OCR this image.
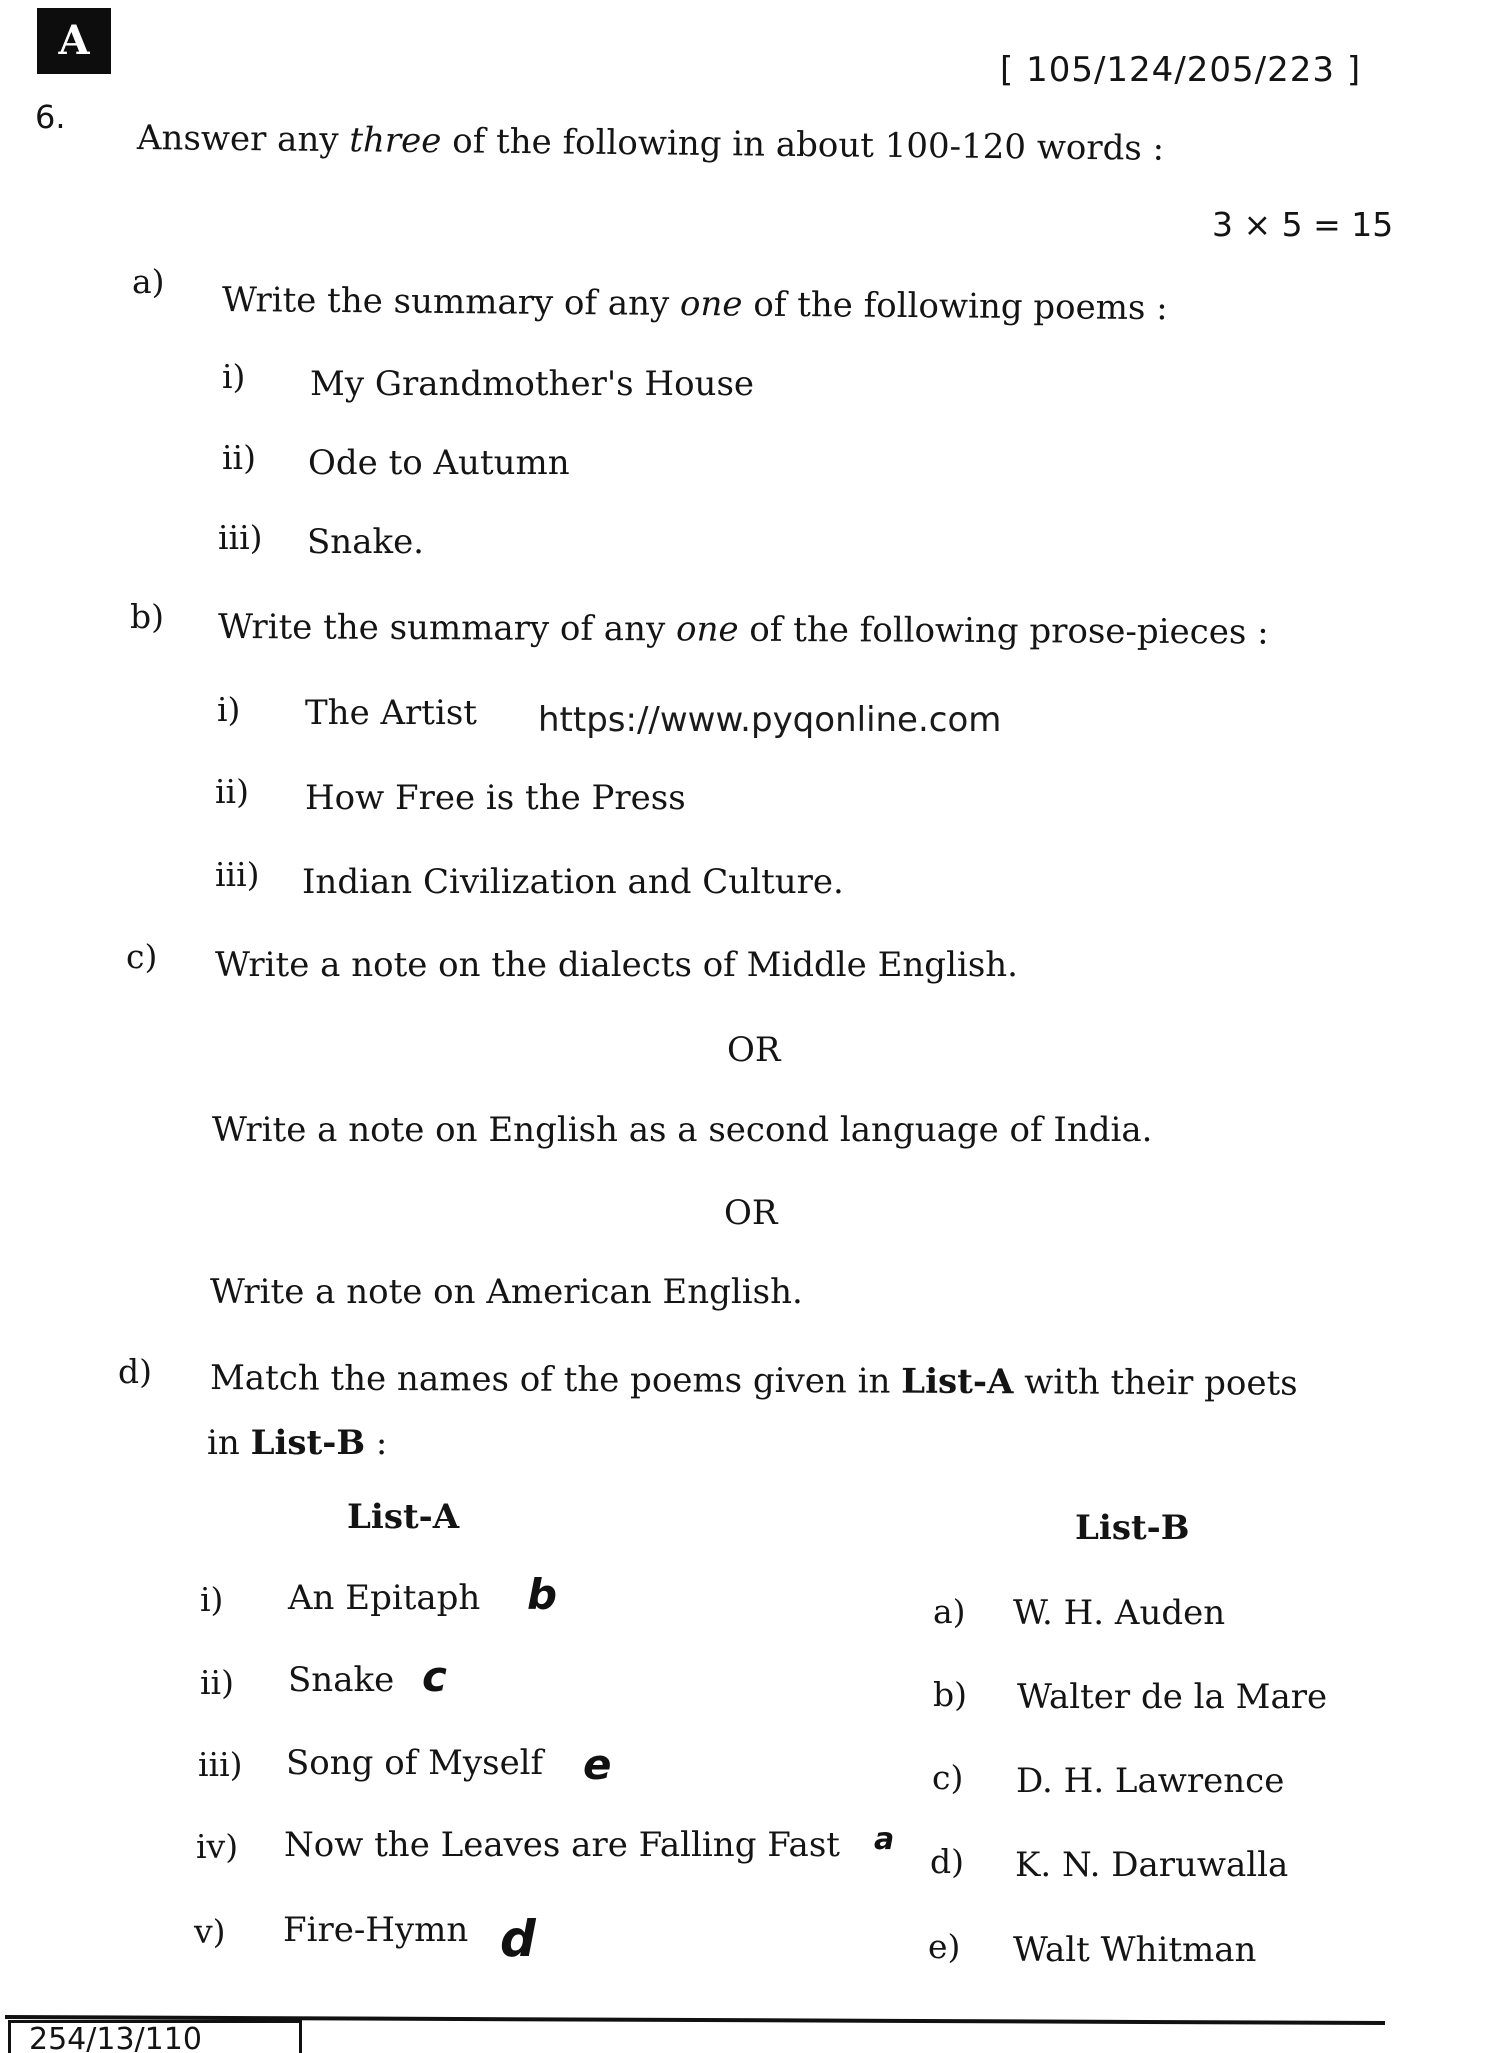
A
[ 105/124/205/223 ]
6.
Answer any three of the following in about 100-120 words :
3 × 5 = 15
a) Write the summary of any one of the following poems :
i) My Grandmother's House
ii) Ode to Autumn
iii) Snake.
b) Write the summary of any one of the following prose-pieces :
i) The Artist https://www.pyqonline.com
ii) How Free is the Press
iii) Indian Civilization and Culture.
c) Write a note on the dialects of Middle English.
OR
Write a note on English as a second language of India.
OR
Write a note on American English.
d) Match the names of the poems given in List-A with their poets
in List-B :
List-A	List-B
i) An Epitaph b
ii) Snake c
iii) Song of Myself e
iv) Now the Leaves are Falling Fast a
v) Fire-Hymn d
a) W. H. Auden
b) Walter de la Mare
c) D. H. Lawrence
d) K. N. Daruwalla
e) Walt Whitman
254/13/110
